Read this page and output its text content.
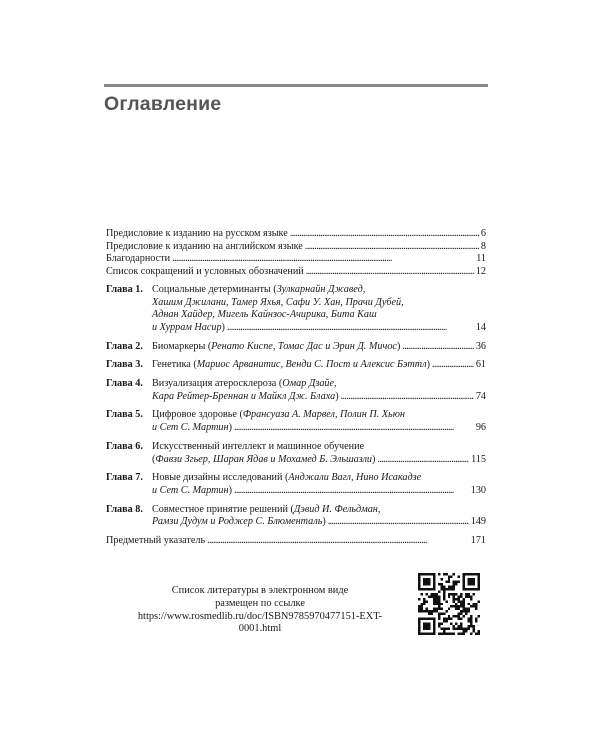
Оглавление
Предисловие к изданию на русском языке . . .	6
Предисловие к изданию на английском языке . . .	8
Благодарности . . .	11
Список сокращений и условных обозначений . . .	12
Глава 1. Социальные детерминанты (Зулкарнайн Джавед,
Хашим Джилани, Тамер Яхья, Сафи У. Хан, Прачи Дубей,
Аднан Хайдер, Мигель Кайнзос-Ачирика, Бита Каш
и Хуррам Насир) . . .	14
Глава 2. Биомаркеры (Ренато Киспе, Томас Дас и Эрин Д. Мичос) . . .	36
Глава 3. Генетика (Мариос Арванитис, Венди С. Пост и Алексис Бэттл) . . .	61
Глава 4. Визуализация атеросклероза (Омар Дзайе,
Кара Рейтер-Бреннан и Майкл Дж. Блаха) . . .	74
Глава 5. Цифровое здоровье (Франсуаза А. Марвел, Полин П. Хьюн
и Сет С. Мартин) . . .	96
Глава 6. Искусственный интеллект и машинное обучение
(Фавзи Згьер, Шаран Ядав и Мохамед Б. Эльшазли) . . .	115
Глава 7. Новые дизайны исследований (Анджали Вагл, Нино Исакадзе
и Сет С. Мартин) . . .	130
Глава 8. Совместное принятие решений (Дэвид И. Фельдман,
Рамзи Дудум и Роджер С. Блюменталь) . . .	149
Предметный указатель . . .	171
Список литературы в электронном виде
размещен по ссылке
https://www.rosmedlib.ru/doc/ISBN9785970477151-EXT-0001.html
